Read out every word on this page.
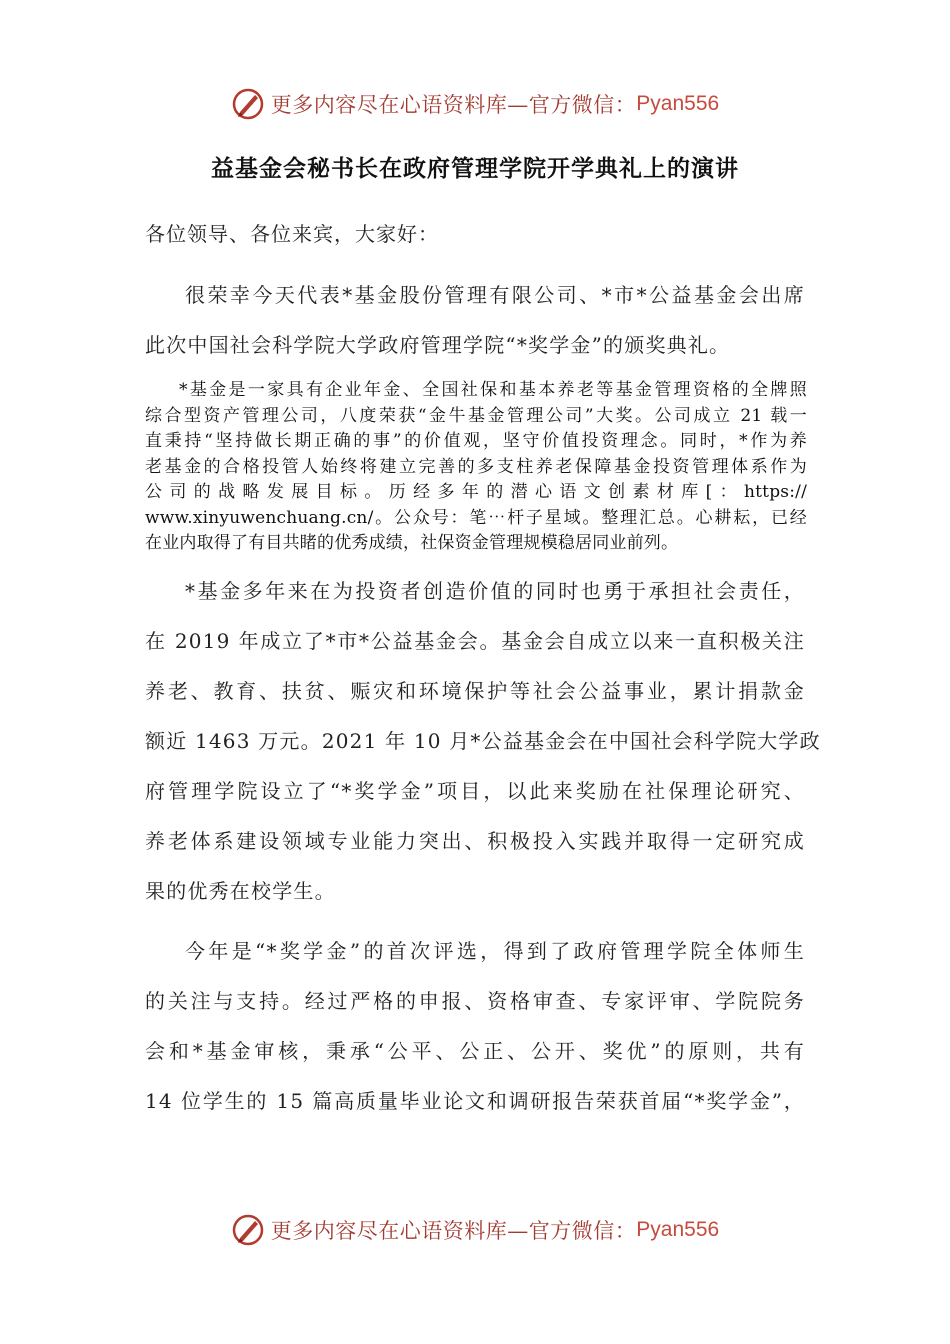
更多内容尽在心语资料库—官方微信： Pyan556
益基金会秘书长在政府管理学院开学典礼上的演讲
各位领导、各位来宾，大家好：
很荣幸今天代表*基金股份管理有限公司、*市*公益基金会出席
此次中国社会科学院大学政府管理学院“*奖学金”的颁奖典礼。
*基金是一家具有企业年金、全国社保和基本养老等基金管理资格的全牌照
综合型资产管理公司，八度荣获“金牛基金管理公司”大奖。公司成立 21 载一
直秉持“坚持做长期正确的事”的价值观，坚守价值投资理念。同时，*作为养
老基金的合格投管人始终将建立完善的多支柱养老保障基金投资管理体系作为
公司的战略发展目标。历经多年的潜心语文创素材库[：https://
www.xinyuwenchuang.cn/。公众号：笔⋯杆子星域。整理汇总。心耕耘，已经
在业内取得了有目共睹的优秀成绩，社保资金管理规模稳居同业前列。
*基金多年来在为投资者创造价值的同时也勇于承担社会责任，
在 2019 年成立了*市*公益基金会。基金会自成立以来一直积极关注
养老、教育、扶贫、赈灾和环境保护等社会公益事业，累计捐款金
额近 1463 万元。2021 年 10 月*公益基金会在中国社会科学院大学政
府管理学院设立了“*奖学金”项目，以此来奖励在社保理论研究、
养老体系建设领域专业能力突出、积极投入实践并取得一定研究成
果的优秀在校学生。
今年是“*奖学金”的首次评选，得到了政府管理学院全体师生
的关注与支持。经过严格的申报、资格审查、专家评审、学院院务
会和*基金审核，秉承“公平、公正、公开、奖优”的原则，共有
14 位学生的 15 篇高质量毕业论文和调研报告荣获首届“*奖学金”，
更多内容尽在心语资料库—官方微信： Pyan556
